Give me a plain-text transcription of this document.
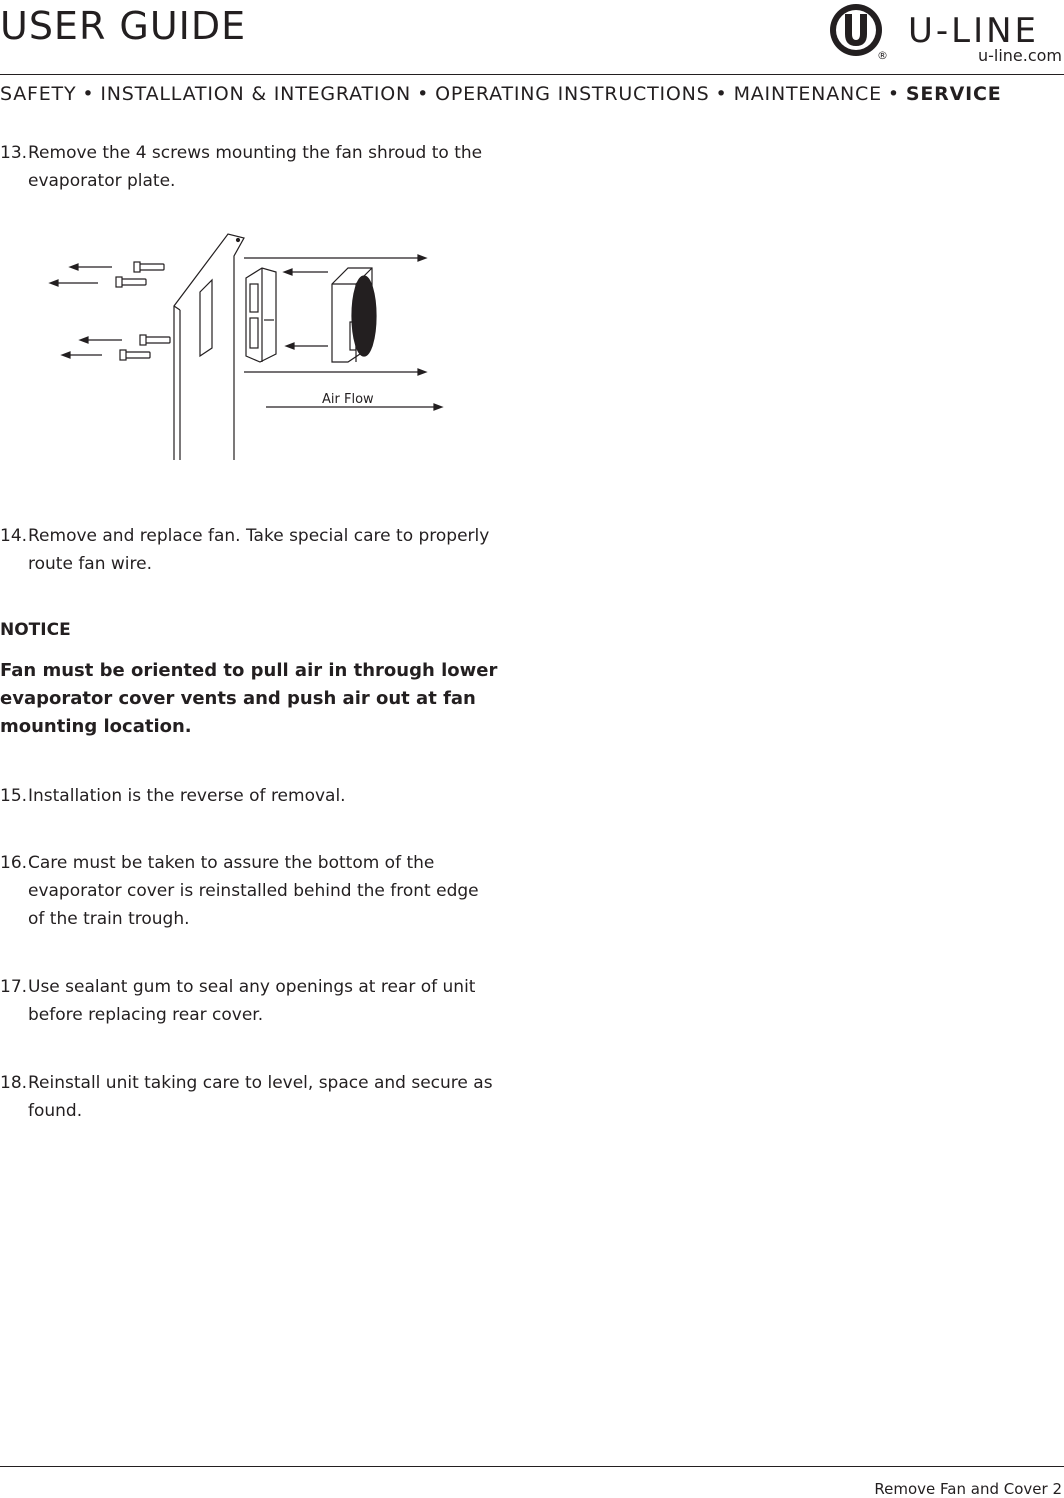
USER GUIDE
®
U-LINE
u-line.com
SAFETY • INSTALLATION & INTEGRATION • OPERATING INSTRUCTIONS • MAINTENANCE • SERVICE
13. Remove the 4 screws mounting the fan shroud to the evaporator plate.
Air Flow
14. Remove and replace fan. Take special care to properly route fan wire.
NOTICE
Fan must be oriented to pull air in through lower evaporator cover vents and push air out at fan mounting location.
15. Installation is the reverse of removal.
16. Care must be taken to assure the bottom of the evaporator cover is reinstalled behind the front edge of the train trough.
17. Use sealant gum to seal any openings at rear of unit before replacing rear cover.
18. Reinstall unit taking care to level, space and secure as found.
Remove Fan and Cover 2
